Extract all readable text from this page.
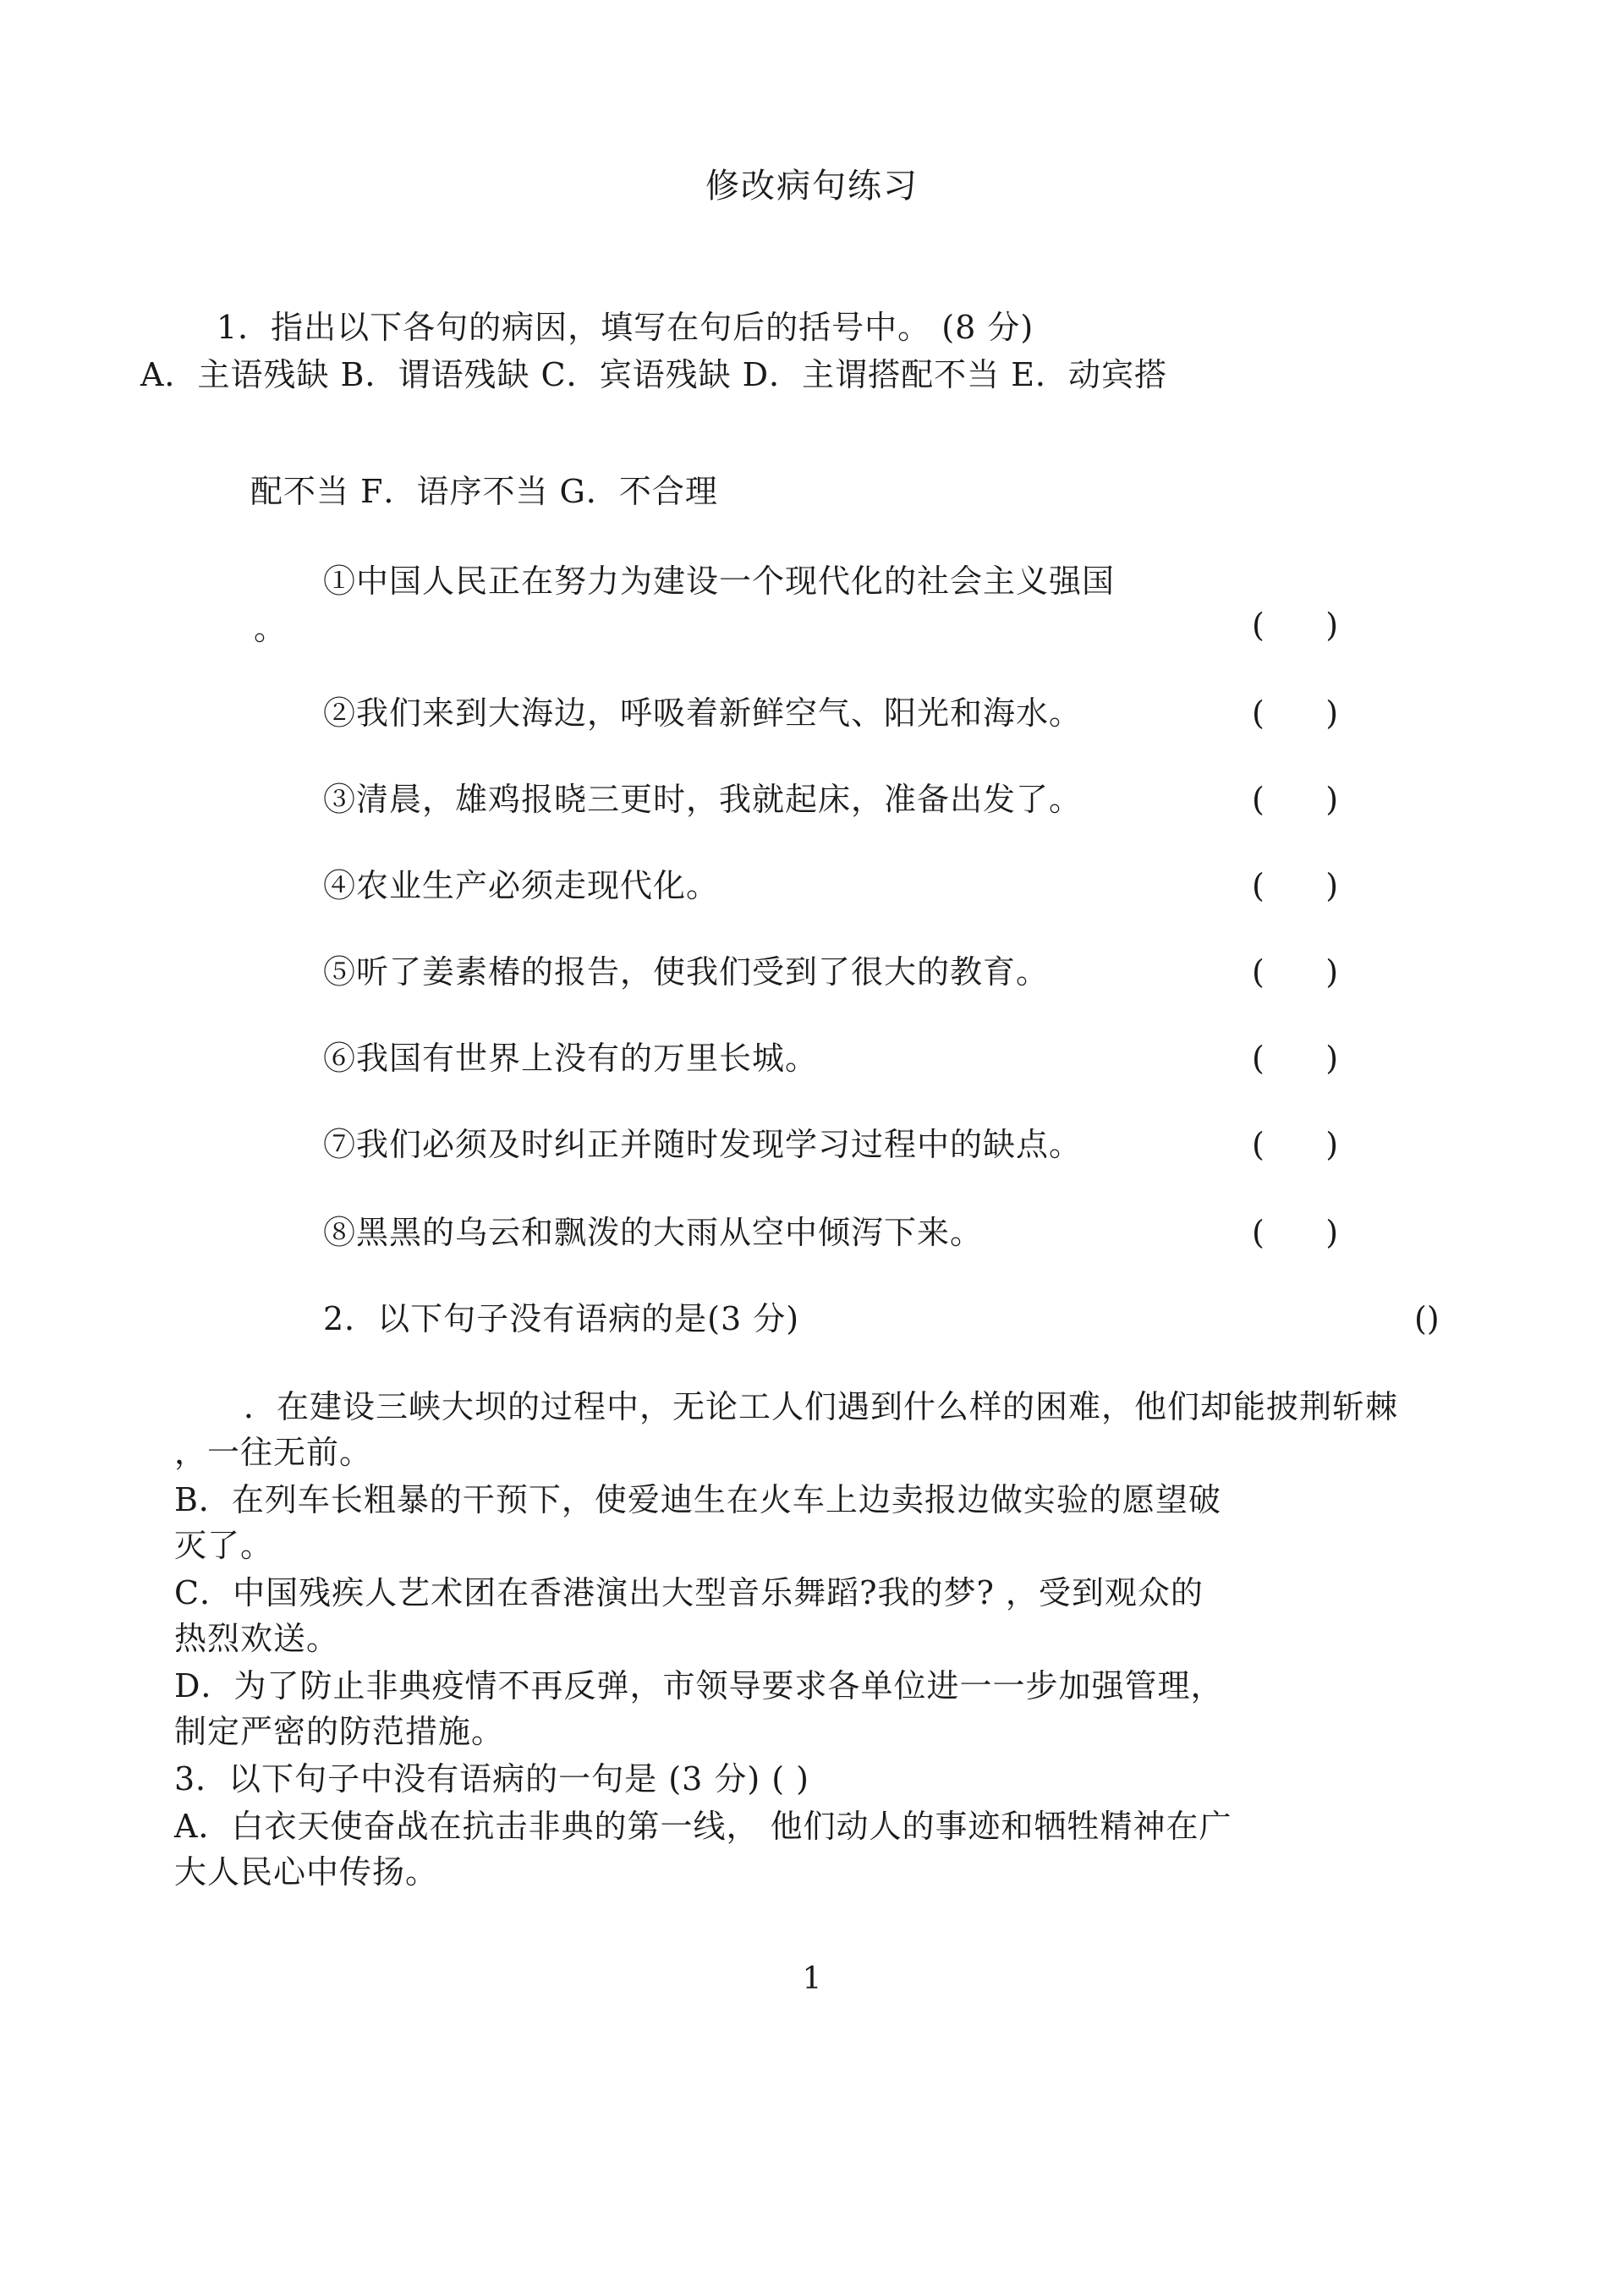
修改病句练习
1．指出以下各句的病因，填写在句后的括号中。 (8 分)
A．主语残缺 B．谓语残缺 C．宾语残缺 D．主谓搭配不当 E．动宾搭
配不当 F．语序不当 G．不合理
①中国人民正在努力为建设一个现代化的社会主义强国
。	(      )
②我们来到大海边，呼吸着新鲜空气、阳光和海水。	(      )
③清晨，雄鸡报晓三更时，我就起床，准备出发了。	(      )
④农业生产必须走现代化。	(      )
⑤听了姜素椿的报告，使我们受到了很大的教育。	(      )
⑥我国有世界上没有的万里长城。	(      )
⑦我们必须及时纠正并随时发现学习过程中的缺点。	(      )
⑧黑黑的乌云和飘泼的大雨从空中倾泻下来。	(      )
2．以下句子没有语病的是(3 分)	()
．在建设三峡大坝的过程中，无论工人们遇到什么样的困难，他们却能披荆斩棘
，一往无前。
B．在列车长粗暴的干预下，使爱迪生在火车上边卖报边做实验的愿望破
灭了。
C．中国残疾人艺术团在香港演出大型音乐舞蹈?我的梦? ，受到观众的
热烈欢送。
D．为了防止非典疫情不再反弹，市领导要求各单位进一一步加强管理，
制定严密的防范措施。
3．以下句子中没有语病的一句是 (3 分) ( )
A．白衣天使奋战在抗击非典的第一线， 他们动人的事迹和牺牲精神在广
大人民心中传扬。
1
